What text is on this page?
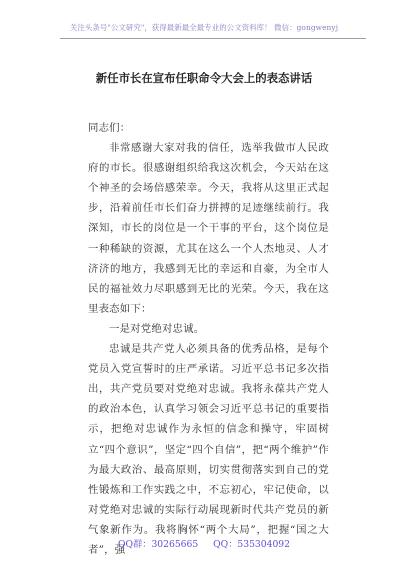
关注头条号"公文研究"，获得最新最全最专业的公文资料库！ 微信：gongwenyj
新任市长在宣布任职命令大会上的表态讲话

同志们：

非常感谢大家对我的信任，选举我做市人民政府的市长。很感谢组织给我这次机会，今天站在这个神圣的会场倍感荣幸。今天，我将从这里正式起步，沿着前任市长们奋力拼搏的足迹继续前行。我深知，市长的岗位是一个干事的平台，这个岗位是一种稀缺的资源，尤其在这么一个人杰地灵、人才济济的地方，我感到无比的幸运和自豪，为全市人民的福祉效力尽职感到无比的光荣。今天，我在这里表态如下：

一是对党绝对忠诚。

忠诚是共产党人必须具备的优秀品格，是每个党员入党宣誓时的庄严承诺。习近平总书记多次指出，共产党员要对党绝对忠诚。我将永葆共产党人的政治本色，认真学习领会习近平总书记的重要指示，把绝对忠诚作为永恒的信念和操守，牢固树立“四个意识”，坚定“四个自信”，把“两个维护”作为最大政治、最高原则，切实贯彻落实到自己的党性锻炼和工作实践之中，不忘初心，牢记使命，以对党绝对忠诚的实际行动展现新时代共产党员的新气象新作为。我将胸怀“两个大局”，把握“国之大者”，强

QQ群：30265665 QQ：535304092
